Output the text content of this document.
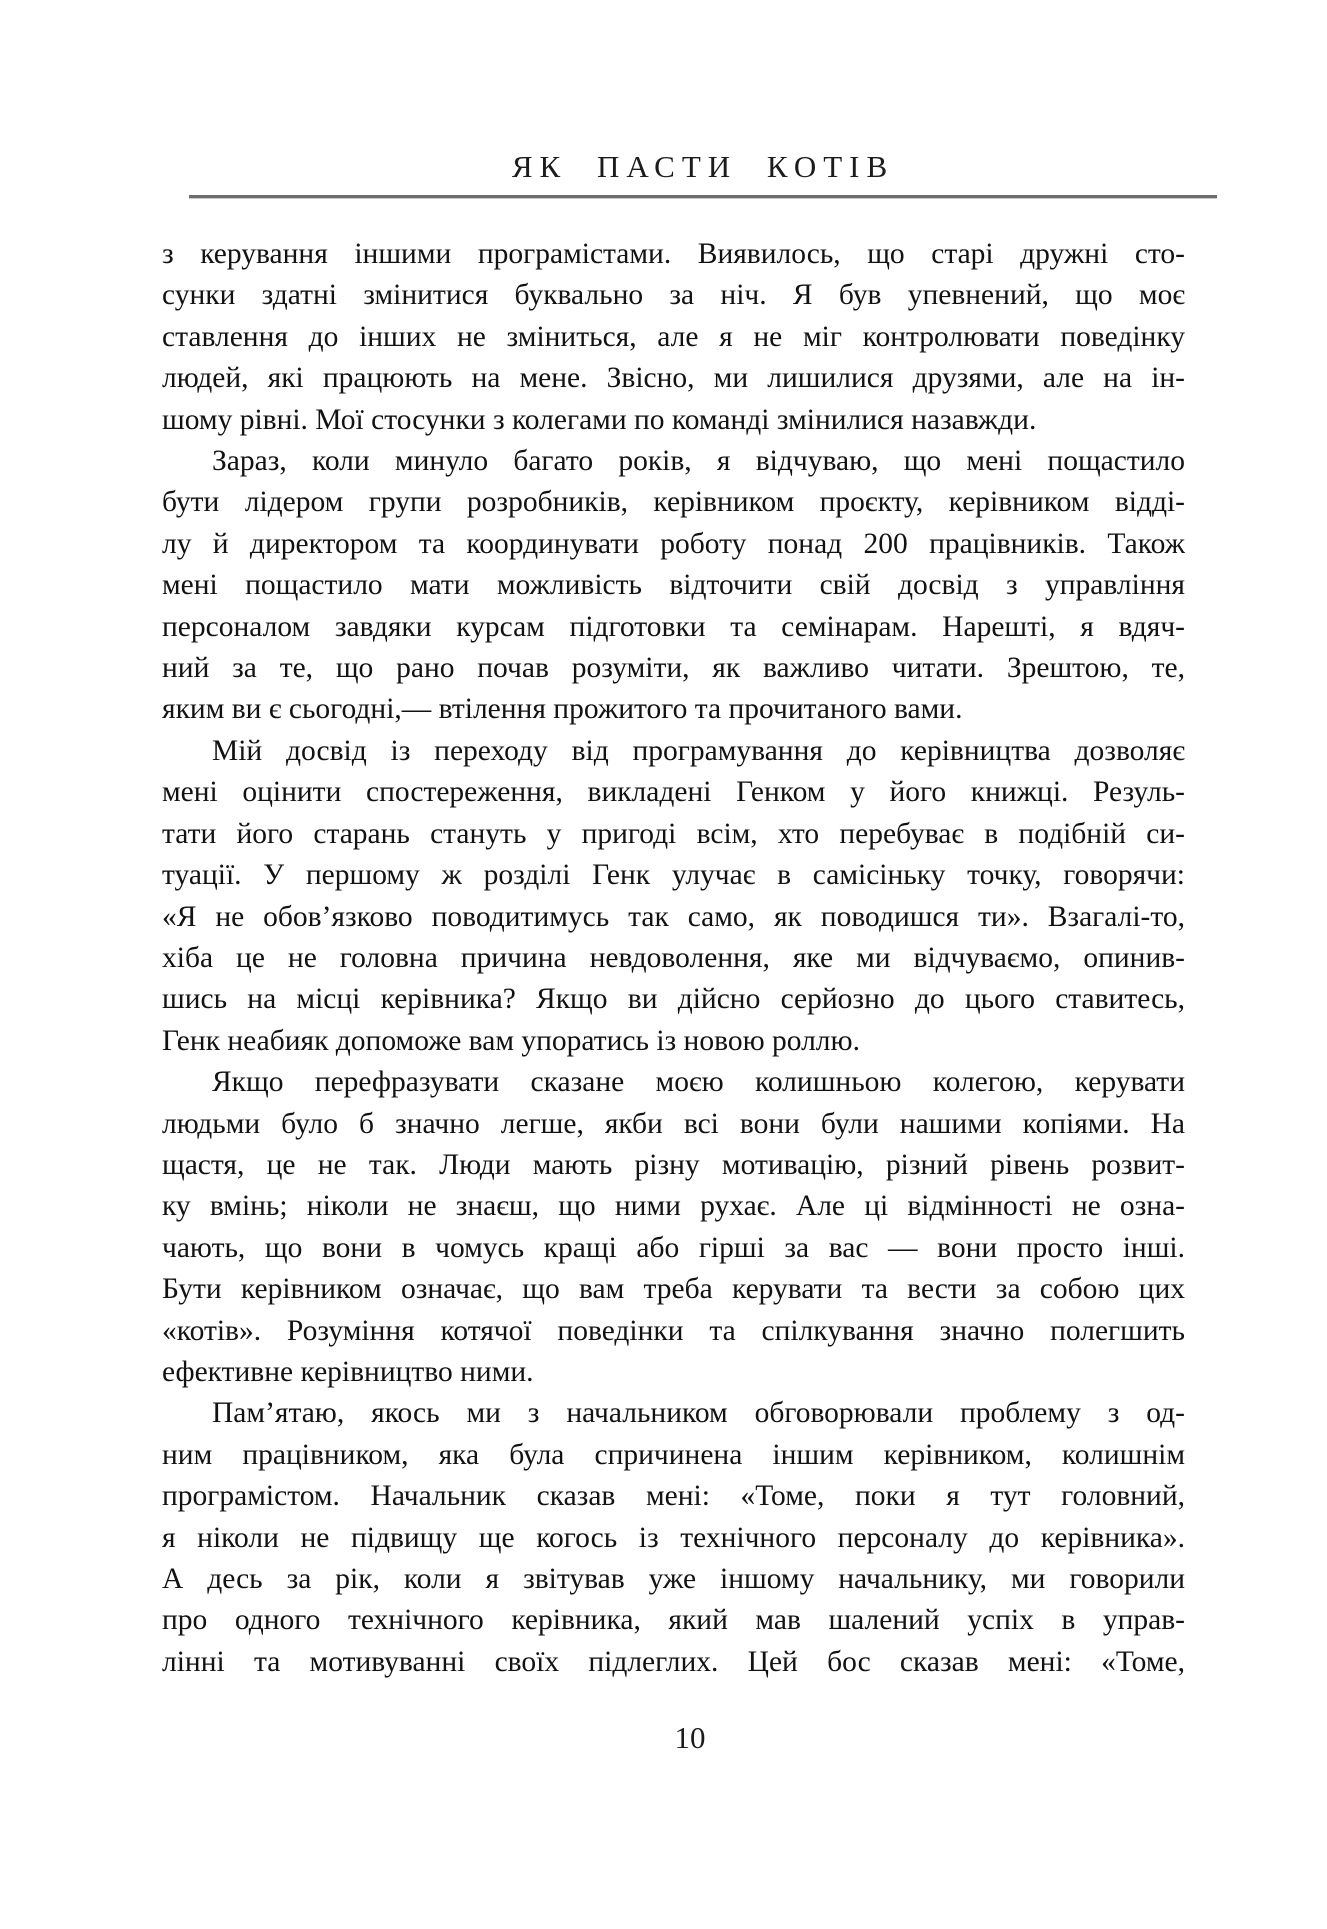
ЯК ПАСТИ КОТІВ
з керування іншими програмістами. Виявилось, що старі дружні сто-
сунки здатні змінитися буквально за ніч. Я був упевнений, що моє
ставлення до інших не зміниться, але я не міг контролювати поведінку
людей, які працюють на мене. Звісно, ми лишилися друзями, але на ін-
шому рівні. Мої стосунки з колегами по команді змінилися назавжди.
Зараз, коли минуло багато років, я відчуваю, що мені пощастило
бути лідером групи розробників, керівником проєкту, керівником відді-
лу й директором та координувати роботу понад 200 працівників. Також
мені пощастило мати можливість відточити свій досвід з управління
персоналом завдяки курсам підготовки та семінарам. Нарешті, я вдяч-
ний за те, що рано почав розуміти, як важливо читати. Зрештою, те,
яким ви є сьогодні,— втілення прожитого та прочитаного вами.
Мій досвід із переходу від програмування до керівництва дозволяє
мені оцінити спостереження, викладені Генком у його книжці. Резуль-
тати його старань стануть у пригоді всім, хто перебуває в подібній си-
туації. У першому ж розділі Генк улучає в самісіньку точку, говорячи:
«Я не обов’язково поводитимусь так само, як поводишся ти». Взагалі-то,
хіба це не головна причина невдоволення, яке ми відчуваємо, опинив-
шись на місці керівника? Якщо ви дійсно серйозно до цього ставитесь,
Генк неабияк допоможе вам упоратись із новою роллю.
Якщо перефразувати сказане моєю колишньою колегою, керувати
людьми було б значно легше, якби всі вони були нашими копіями. На
щастя, це не так. Люди мають різну мотивацію, різний рівень розвит-
ку вмінь; ніколи не знаєш, що ними рухає. Але ці відмінності не озна-
чають, що вони в чомусь кращі або гірші за вас — вони просто інші.
Бути керівником означає, що вам треба керувати та вести за собою цих
«котів». Розуміння котячої поведінки та спілкування значно полегшить
ефективне керівництво ними.
Пам’ятаю, якось ми з начальником обговорювали проблему з од-
ним працівником, яка була спричинена іншим керівником, колишнім
програмістом. Начальник сказав мені: «Томе, поки я тут головний,
я ніколи не підвищу ще когось із технічного персоналу до керівника».
А десь за рік, коли я звітував уже іншому начальнику, ми говорили
про одного технічного керівника, який мав шалений успіх в управ-
лінні та мотивуванні своїх підлеглих. Цей бос сказав мені: «Томе,
10
